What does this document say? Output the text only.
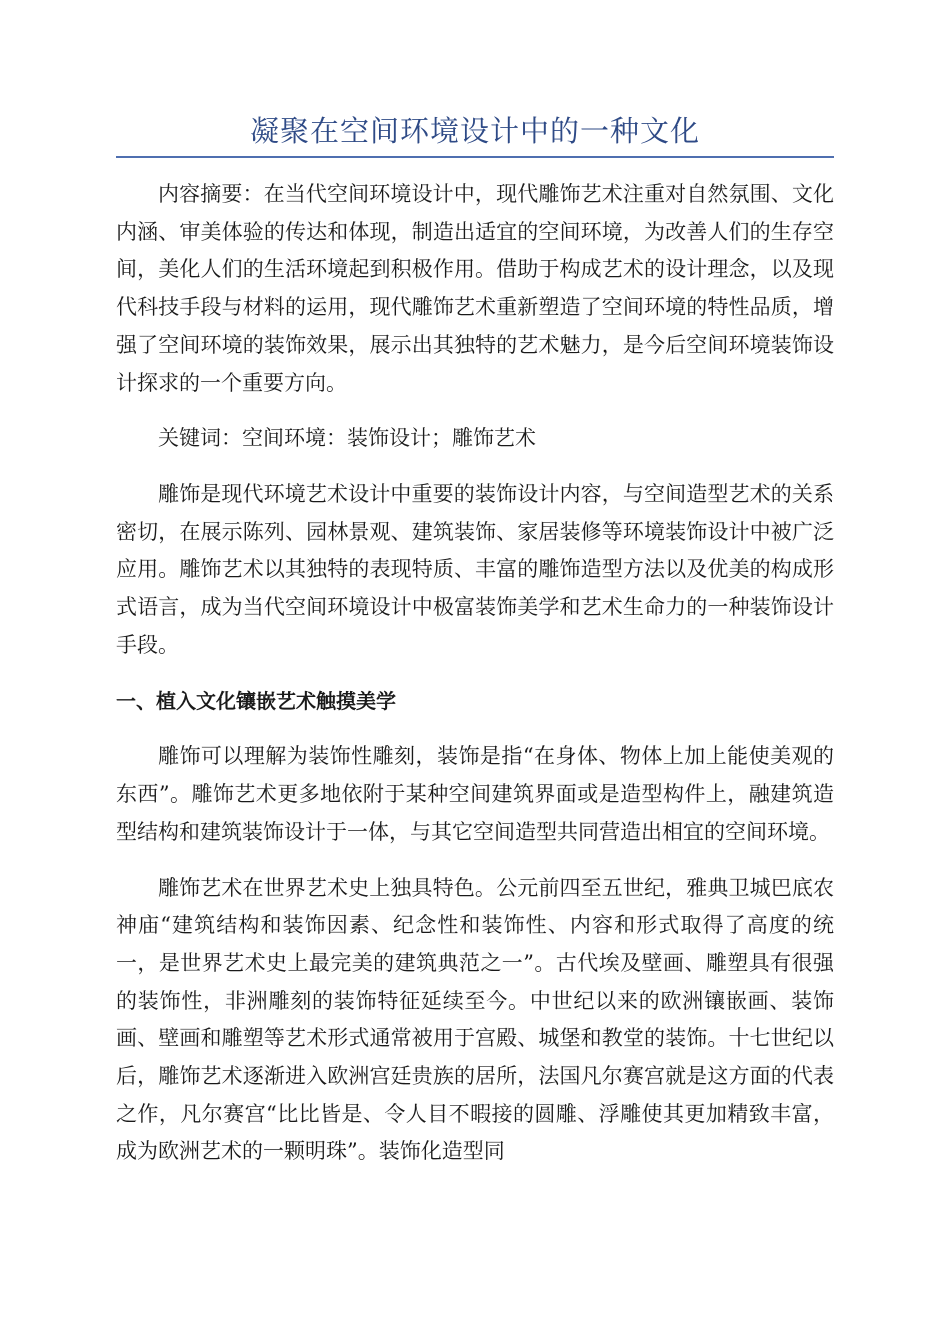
凝聚在空间环境设计中的一种文化

内容摘要：在当代空间环境设计中，现代雕饰艺术注重对自然氛围、文化内涵、审美体验的传达和体现，制造出适宜的空间环境，为改善人们的生存空间，美化人们的生活环境起到积极作用。借助于构成艺术的设计理念，以及现代科技手段与材料的运用，现代雕饰艺术重新塑造了空间环境的特性品质，增强了空间环境的装饰效果，展示出其独特的艺术魅力，是今后空间环境装饰设计探求的一个重要方向。

关键词：空间环境：装饰设计；雕饰艺术

雕饰是现代环境艺术设计中重要的装饰设计内容，与空间造型艺术的关系密切，在展示陈列、园林景观、建筑装饰、家居装修等环境装饰设计中被广泛应用。雕饰艺术以其独特的表现特质、丰富的雕饰造型方法以及优美的构成形式语言，成为当代空间环境设计中极富装饰美学和艺术生命力的一种装饰设计手段。

一、植入文化镶嵌艺术触摸美学

雕饰可以理解为装饰性雕刻，装饰是指“在身体、物体上加上能使美观的东西”。雕饰艺术更多地依附于某种空间建筑界面或是造型构件上，融建筑造型结构和建筑装饰设计于一体，与其它空间造型共同营造出相宜的空间环境。

雕饰艺术在世界艺术史上独具特色。公元前四至五世纪，雅典卫城巴底农神庙“建筑结构和装饰因素、纪念性和装饰性、内容和形式取得了高度的统一，是世界艺术史上最完美的建筑典范之一”。古代埃及壁画、雕塑具有很强的装饰性，非洲雕刻的装饰特征延续至今。中世纪以来的欧洲镶嵌画、装饰画、壁画和雕塑等艺术形式通常被用于宫殿、城堡和教堂的装饰。十七世纪以后，雕饰艺术逐渐进入欧洲宫廷贵族的居所，法国凡尔赛宫就是这方面的代表之作，凡尔赛宫“比比皆是、令人目不暇接的圆雕、浮雕使其更加精致丰富，成为欧洲艺术的一颗明珠”。装饰化造型同
